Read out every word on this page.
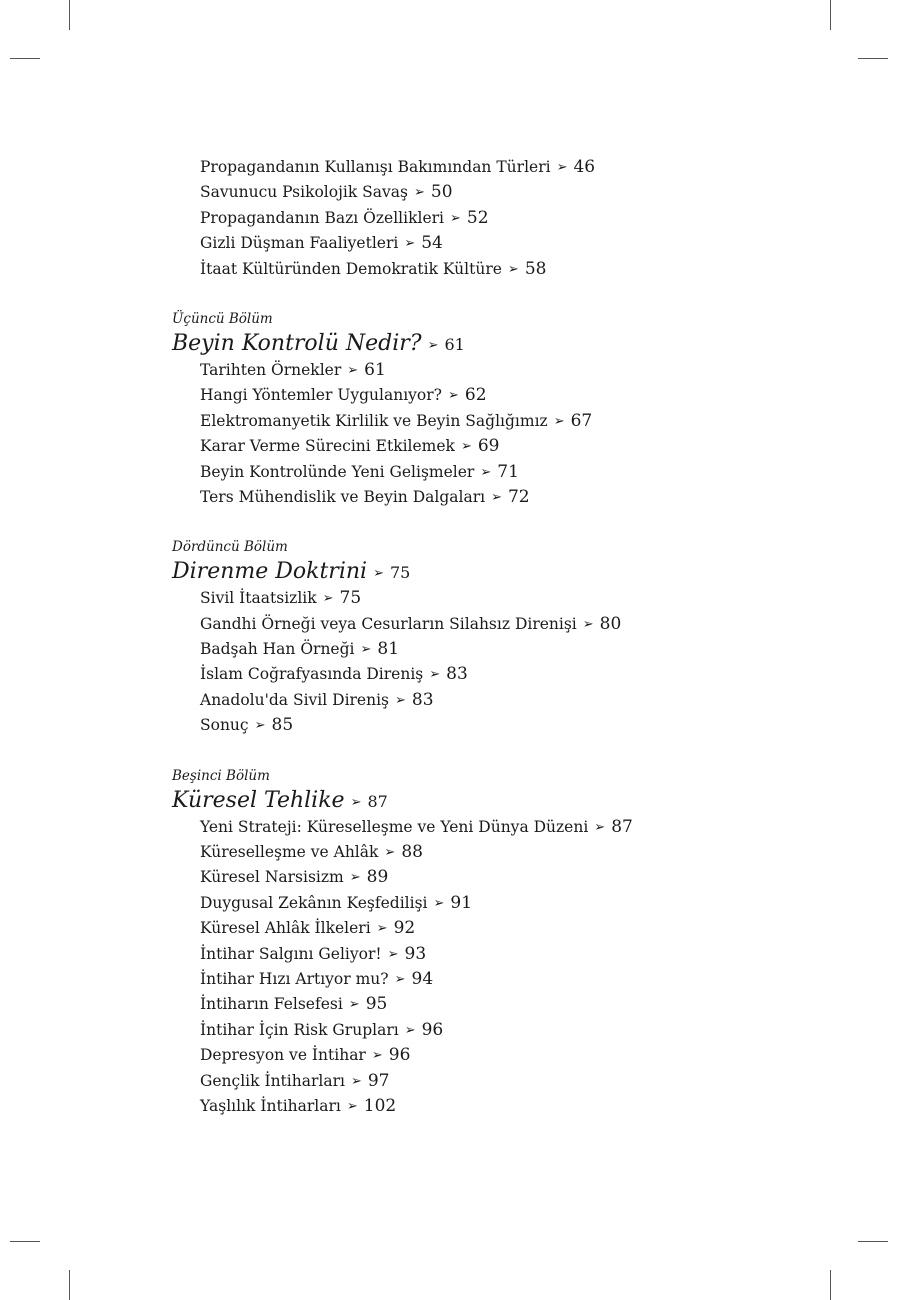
Propagandanın Kullanışı Bakımından Türleri ➢ 46
Savunucu Psikolojik Savaş ➢ 50
Propagandanın Bazı Özellikleri ➢ 52
Gizli Düşman Faaliyetleri ➢ 54
İtaat Kültüründen Demokratik Kültüre ➢ 58
Üçüncü Bölüm
Beyin Kontrolü Nedir? ➢ 61
Tarihten Örnekler ➢ 61
Hangi Yöntemler Uygulanıyor? ➢ 62
Elektromanyetik Kirlilik ve Beyin Sağlığımız ➢ 67
Karar Verme Sürecini Etkilemek ➢ 69
Beyin Kontrolünde Yeni Gelişmeler ➢ 71
Ters Mühendislik ve Beyin Dalgaları ➢ 72
Dördüncü Bölüm
Direnme Doktrini ➢ 75
Sivil İtaatsizlik ➢ 75
Gandhi Örneği veya Cesurların Silahsız Direnişi ➢ 80
Badşah Han Örneği ➢ 81
İslam Coğrafyasında Direniş ➢ 83
Anadolu'da Sivil Direniş ➢ 83
Sonuç ➢ 85
Beşinci Bölüm
Küresel Tehlike ➢ 87
Yeni Strateji: Küreselleşme ve Yeni Dünya Düzeni ➢ 87
Küreselleşme ve Ahlâk ➢ 88
Küresel Narsisizm ➢ 89
Duygusal Zekânın Keşfedilişi ➢ 91
Küresel Ahlâk İlkeleri ➢ 92
İntihar Salgını Geliyor! ➢ 93
İntihar Hızı Artıyor mu? ➢ 94
İntiharın Felsefesi ➢ 95
İntihar İçin Risk Grupları ➢ 96
Depresyon ve İntihar ➢ 96
Gençlik İntiharları ➢ 97
Yaşlılık İntiharları ➢ 102
